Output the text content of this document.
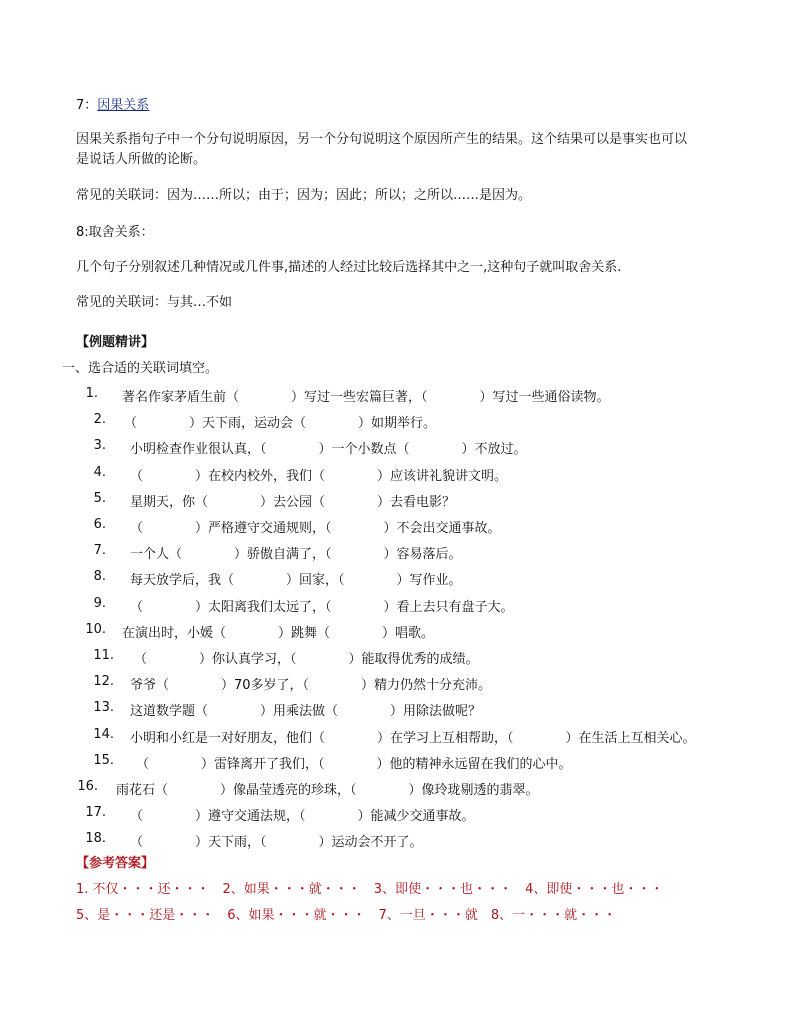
7：因果关系
因果关系指句子中一个分句说明原因，另一个分句说明这个原因所产生的结果。这个结果可以是事实也可以
是说话人所做的论断。
常见的关联词：因为……所以；由于；因为；因此；所以；之所以……是因为。
8:取舍关系：
几个句子分别叙述几种情况或几件事,描述的人经过比较后选择其中之一,这种句子就叫取舍关系.
常见的关联词：与其…不如
【例题精讲】
一、选合适的关联词填空。
1. 著名作家茅盾生前（　　　　）写过一些宏篇巨著，（　　　　）写过一些通俗读物。
2. （　　　　）天下雨，运动会（　　　　）如期举行。
3. 小明检查作业很认真，（　　　　）一个小数点（　　　　）不放过。
4. （　　　　）在校内校外，我们（　　　　）应该讲礼貌讲文明。
5. 星期天，你（　　　　）去公园（　　　　）去看电影？
6. （　　　　）严格遵守交通规则，（　　　　）不会出交通事故。
7. 一个人（　　　　）骄傲自满了，（　　　　）容易落后。
8. 每天放学后，我（　　　　）回家，（　　　　）写作业。
9. （　　　　）太阳离我们太远了，（　　　　）看上去只有盘子大。
10. 在演出时，小媛（　　　　）跳舞（　　　　）唱歌。
11. （　　　　）你认真学习，（　　　　）能取得优秀的成绩。
12. 爷爷（　　　　）70多岁了，（　　　　）精力仍然十分充沛。
13. 这道数学题（　　　　）用乘法做（　　　　）用除法做呢？
14. 小明和小红是一对好朋友，他们（　　　　）在学习上互相帮助，（　　　　）在生活上互相关心。
15. （　　　　）雷锋离开了我们，（　　　　）他的精神永远留在我们的心中。
16. 雨花石（　　　　）像晶莹透亮的珍珠，（　　　　）像玲珑剔透的翡翠。
17. （　　　　）遵守交通法规，（　　　　）能减少交通事故。
18. （　　　　）天下雨，（　　　　）运动会不开了。
【参考答案】
1. 不仅・・・还・・・　2、如果・・・就・・・　3、即使・・・也・・・　4、即使・・・也・・・
5、是・・・还是・・・　6、如果・・・就・・・　7、一旦・・・就　8、一・・・就・・・
